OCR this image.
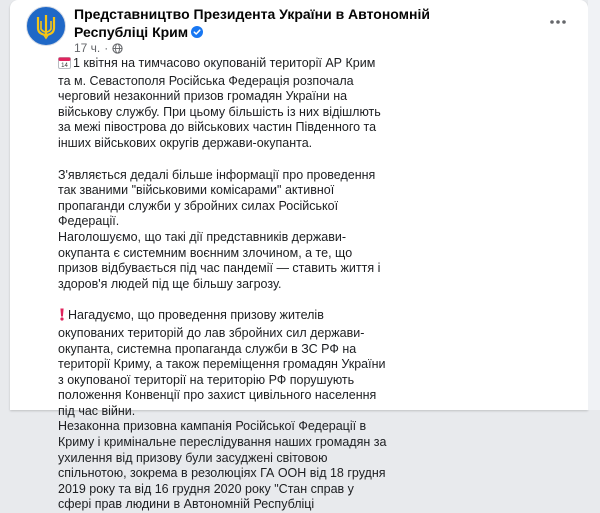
Представництво Президента України в Автономній Республіці Крим
17 ч. ·

14 1 квітня на тимчасово окупованій території АР Крим та м. Севастополя Російська Федерація розпочала черговий незаконний призов громадян України на військову службу. При цьому більшість із них відішлють за межі півострова до військових частин Південного та інших військових округів держави-окупанта.

З'являється дедалі більше інформації про проведення так званими "військовими комісарами" активної пропаганди служби у збройних силах Російської Федерації.

Наголошуємо, що такі дії представників держави-окупанта є системним воєнним злочином, а те, що призов відбувається під час пандемії — ставить життя і здоров'я людей під ще більшу загрозу.

Нагадуємо, що проведення призову жителів окупованих територій до лав збройних сил держави-окупанта, системна пропаганда служби в ЗС РФ на території Криму, а також переміщення громадян України з окупованої території на територію РФ порушують положення Конвенції про захист цивільного населення під час війни.

Незаконна призовна кампанія Російської Федерації в Криму і кримінальне переслідування наших громадян за ухилення від призову були засуджені світовою спільнотою, зокрема в резолюціях ГА ООН від 18 грудня 2019 року та від 16 грудня 2020 року "Стан справ у сфері прав людини в Автономній Республіці
